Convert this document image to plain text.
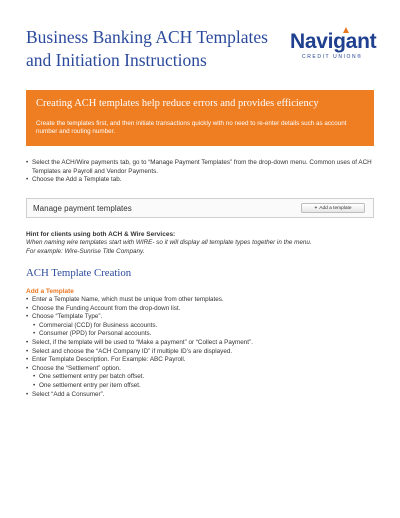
Business Banking ACH Templates
and Initiation Instructions
Navigant
CREDIT UNION®
Creating ACH templates help reduce errors and provides efficiency
Create the templates first, and then initiate transactions quickly with no need to re-enter details such as account number and routing number.
• Select the ACH/Wire payments tab, go to “Manage Payment Templates” from the drop-down menu. Common uses of ACH Templates are Payroll and Vendor Payments.
• Choose the Add a Template tab.
Manage payment templates	+ Add a template
Hint for clients using both ACH & Wire Services:
When naming wire templates start with WIRE- so it will display all template types together in the menu.
For example: Wire-Sunrise Title Company.
ACH Template Creation
Add a Template
• Enter a Template Name, which must be unique from other templates.
• Choose the Funding Account from the drop-down list.
• Choose “Template Type”.
• Commercial (CCD) for Business accounts.
• Consumer (PPD) for Personal accounts.
• Select, if the template will be used to “Make a payment” or “Collect a Payment”.
• Select and choose the “ACH Company ID” if multiple ID’s are displayed.
• Enter Template Description. For Example: ABC Payroll.
• Choose the “Settlement” option.
• One settlement entry per batch offset.
• One settlement entry per item offset.
• Select “Add a Consumer”.
